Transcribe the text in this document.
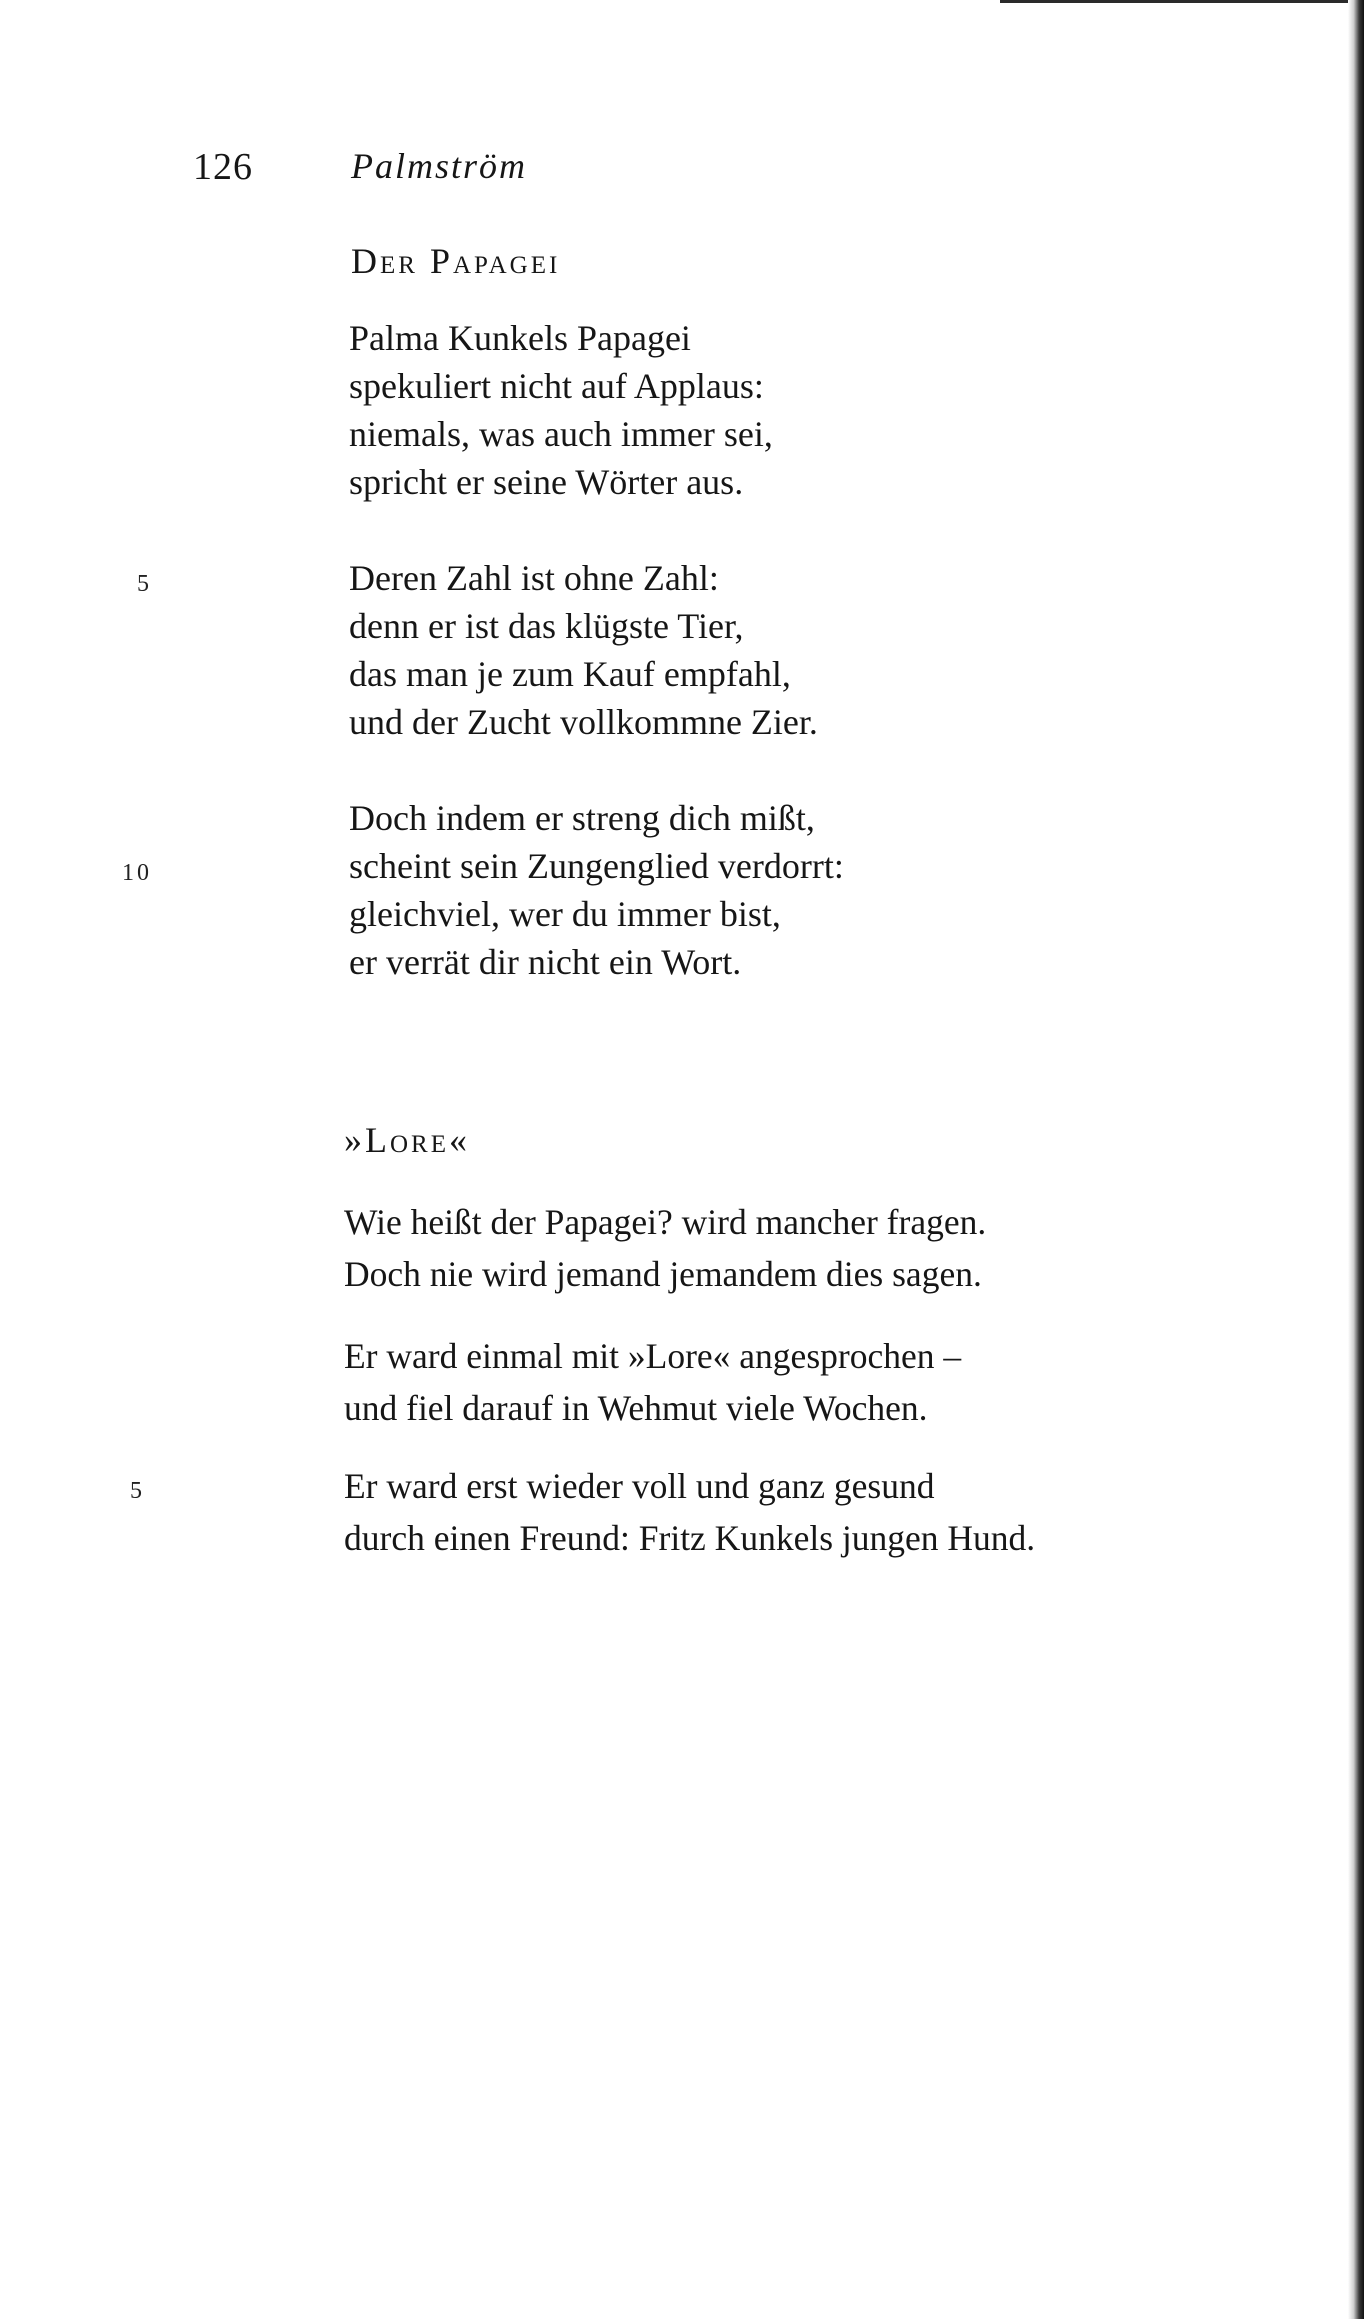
126	Palmström
Der Papagei
Palma Kunkels Papagei
spekuliert nicht auf Applaus:
niemals, was auch immer sei,
spricht er seine Wörter aus.
5	Deren Zahl ist ohne Zahl:
denn er ist das klügste Tier,
das man je zum Kauf empfahl,
und der Zucht vollkommne Zier.
10
Doch indem er streng dich mißt,
scheint sein Zungenglied verdorrt:
gleichviel, wer du immer bist,
er verrät dir nicht ein Wort.
»Lore«
Wie heißt der Papagei? wird mancher fragen.
Doch nie wird jemand jemandem dies sagen.
Er ward einmal mit »Lore« angesprochen –
und fiel darauf in Wehmut viele Wochen.
5	Er ward erst wieder voll und ganz gesund
durch einen Freund: Fritz Kunkels jungen Hund.
